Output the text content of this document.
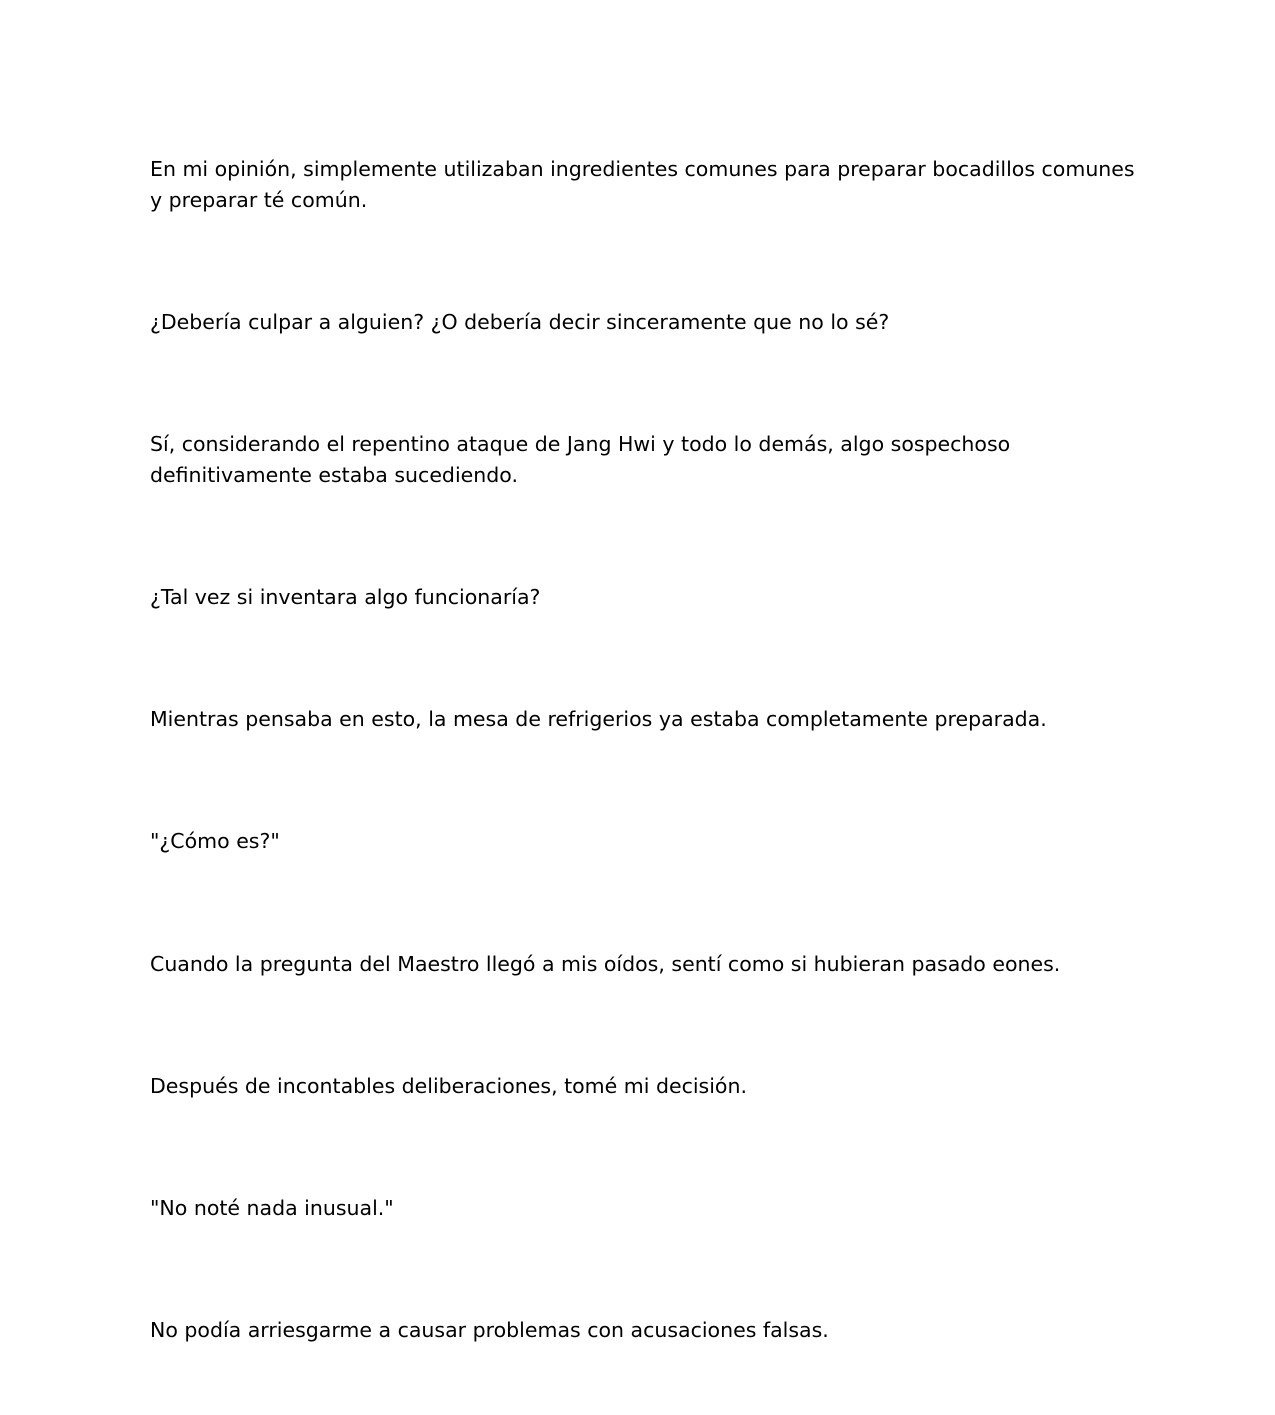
En mi opinión, simplemente utilizaban ingredientes comunes para preparar bocadillos comunes y preparar té común.

¿Debería culpar a alguien? ¿O debería decir sinceramente que no lo sé?

Sí, considerando el repentino ataque de Jang Hwi y todo lo demás, algo sospechoso definitivamente estaba sucediendo.

¿Tal vez si inventara algo funcionaría?

Mientras pensaba en esto, la mesa de refrigerios ya estaba completamente preparada.

"¿Cómo es?"

Cuando la pregunta del Maestro llegó a mis oídos, sentí como si hubieran pasado eones.

Después de incontables deliberaciones, tomé mi decisión.

"No noté nada inusual."

No podía arriesgarme a causar problemas con acusaciones falsas.
